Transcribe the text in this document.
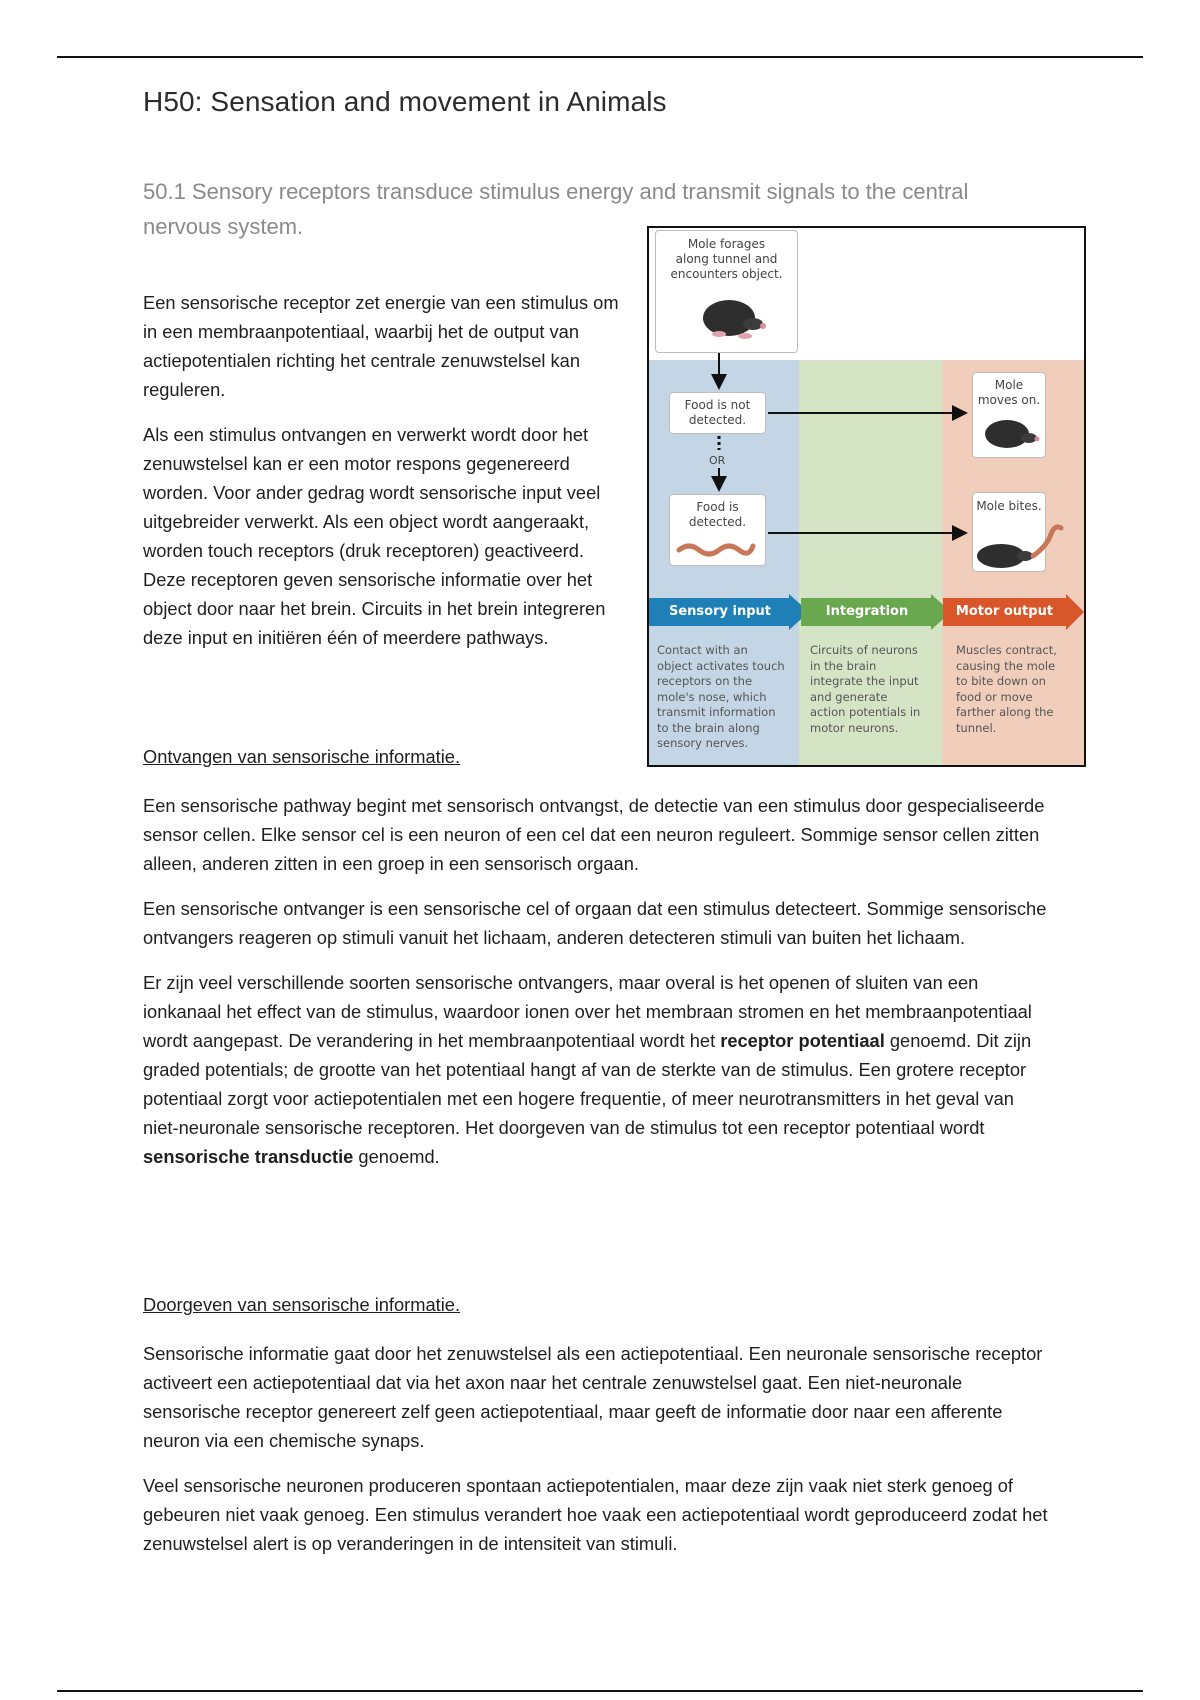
H50: Sensation and movement in Animals
50.1 Sensory receptors transduce stimulus energy and transmit signals to the central nervous system.

Een sensorische receptor zet energie van een stimulus om in een membraanpotentiaal, waarbij het de output van actiepotentialen richting het centrale zenuwstelsel kan reguleren.

Als een stimulus ontvangen en verwerkt wordt door het zenuwstelsel kan er een motor respons gegenereerd worden. Voor ander gedrag wordt sensorische input veel uitgebreider verwerkt. Als een object wordt aangeraakt, worden touch receptors (druk receptoren) geactiveerd. Deze receptoren geven sensorische informatie over het object door naar het brein. Circuits in het brein integreren deze input en initiëren één of meerdere pathways.

Mole forages
along tunnel and
encounters object.
Food is not
detected.
OR
Food is
detected.
Mole
moves on.
Mole bites.
Sensory input	Integration	Motor output
Contact with an
object activates touch
receptors on the
mole's nose, which
transmit information
to the brain along
sensory nerves.
Circuits of neurons
in the brain
integrate the input
and generate
action potentials in
motor neurons.
Muscles contract,
causing the mole
to bite down on
food or move
farther along the
tunnel.
Ontvangen van sensorische informatie.

Een sensorische pathway begint met sensorisch ontvangst, de detectie van een stimulus door gespecialiseerde sensor cellen. Elke sensor cel is een neuron of een cel dat een neuron reguleert. Sommige sensor cellen zitten alleen, anderen zitten in een groep in een sensorisch orgaan.

Een sensorische ontvanger is een sensorische cel of orgaan dat een stimulus detecteert. Sommige sensorische ontvangers reageren op stimuli vanuit het lichaam, anderen detecteren stimuli van buiten het lichaam.

Er zijn veel verschillende soorten sensorische ontvangers, maar overal is het openen of sluiten van een ionkanaal het effect van de stimulus, waardoor ionen over het membraan stromen en het membraanpotentiaal wordt aangepast. De verandering in het membraanpotentiaal wordt het receptor potentiaal genoemd. Dit zijn graded potentials; de grootte van het potentiaal hangt af van de sterkte van de stimulus. Een grotere receptor potentiaal zorgt voor actiepotentialen met een hogere frequentie, of meer neurotransmitters in het geval van niet-neuronale sensorische receptoren. Het doorgeven van de stimulus tot een receptor potentiaal wordt sensorische transductie genoemd.

Doorgeven van sensorische informatie.

Sensorische informatie gaat door het zenuwstelsel als een actiepotentiaal. Een neuronale sensorische receptor activeert een actiepotentiaal dat via het axon naar het centrale zenuwstelsel gaat. Een niet-neuronale sensorische receptor genereert zelf geen actiepotentiaal, maar geeft de informatie door naar een afferente neuron via een chemische synaps.

Veel sensorische neuronen produceren spontaan actiepotentialen, maar deze zijn vaak niet sterk genoeg of gebeuren niet vaak genoeg. Een stimulus verandert hoe vaak een actiepotentiaal wordt geproduceerd zodat het zenuwstelsel alert is op veranderingen in de intensiteit van stimuli.
